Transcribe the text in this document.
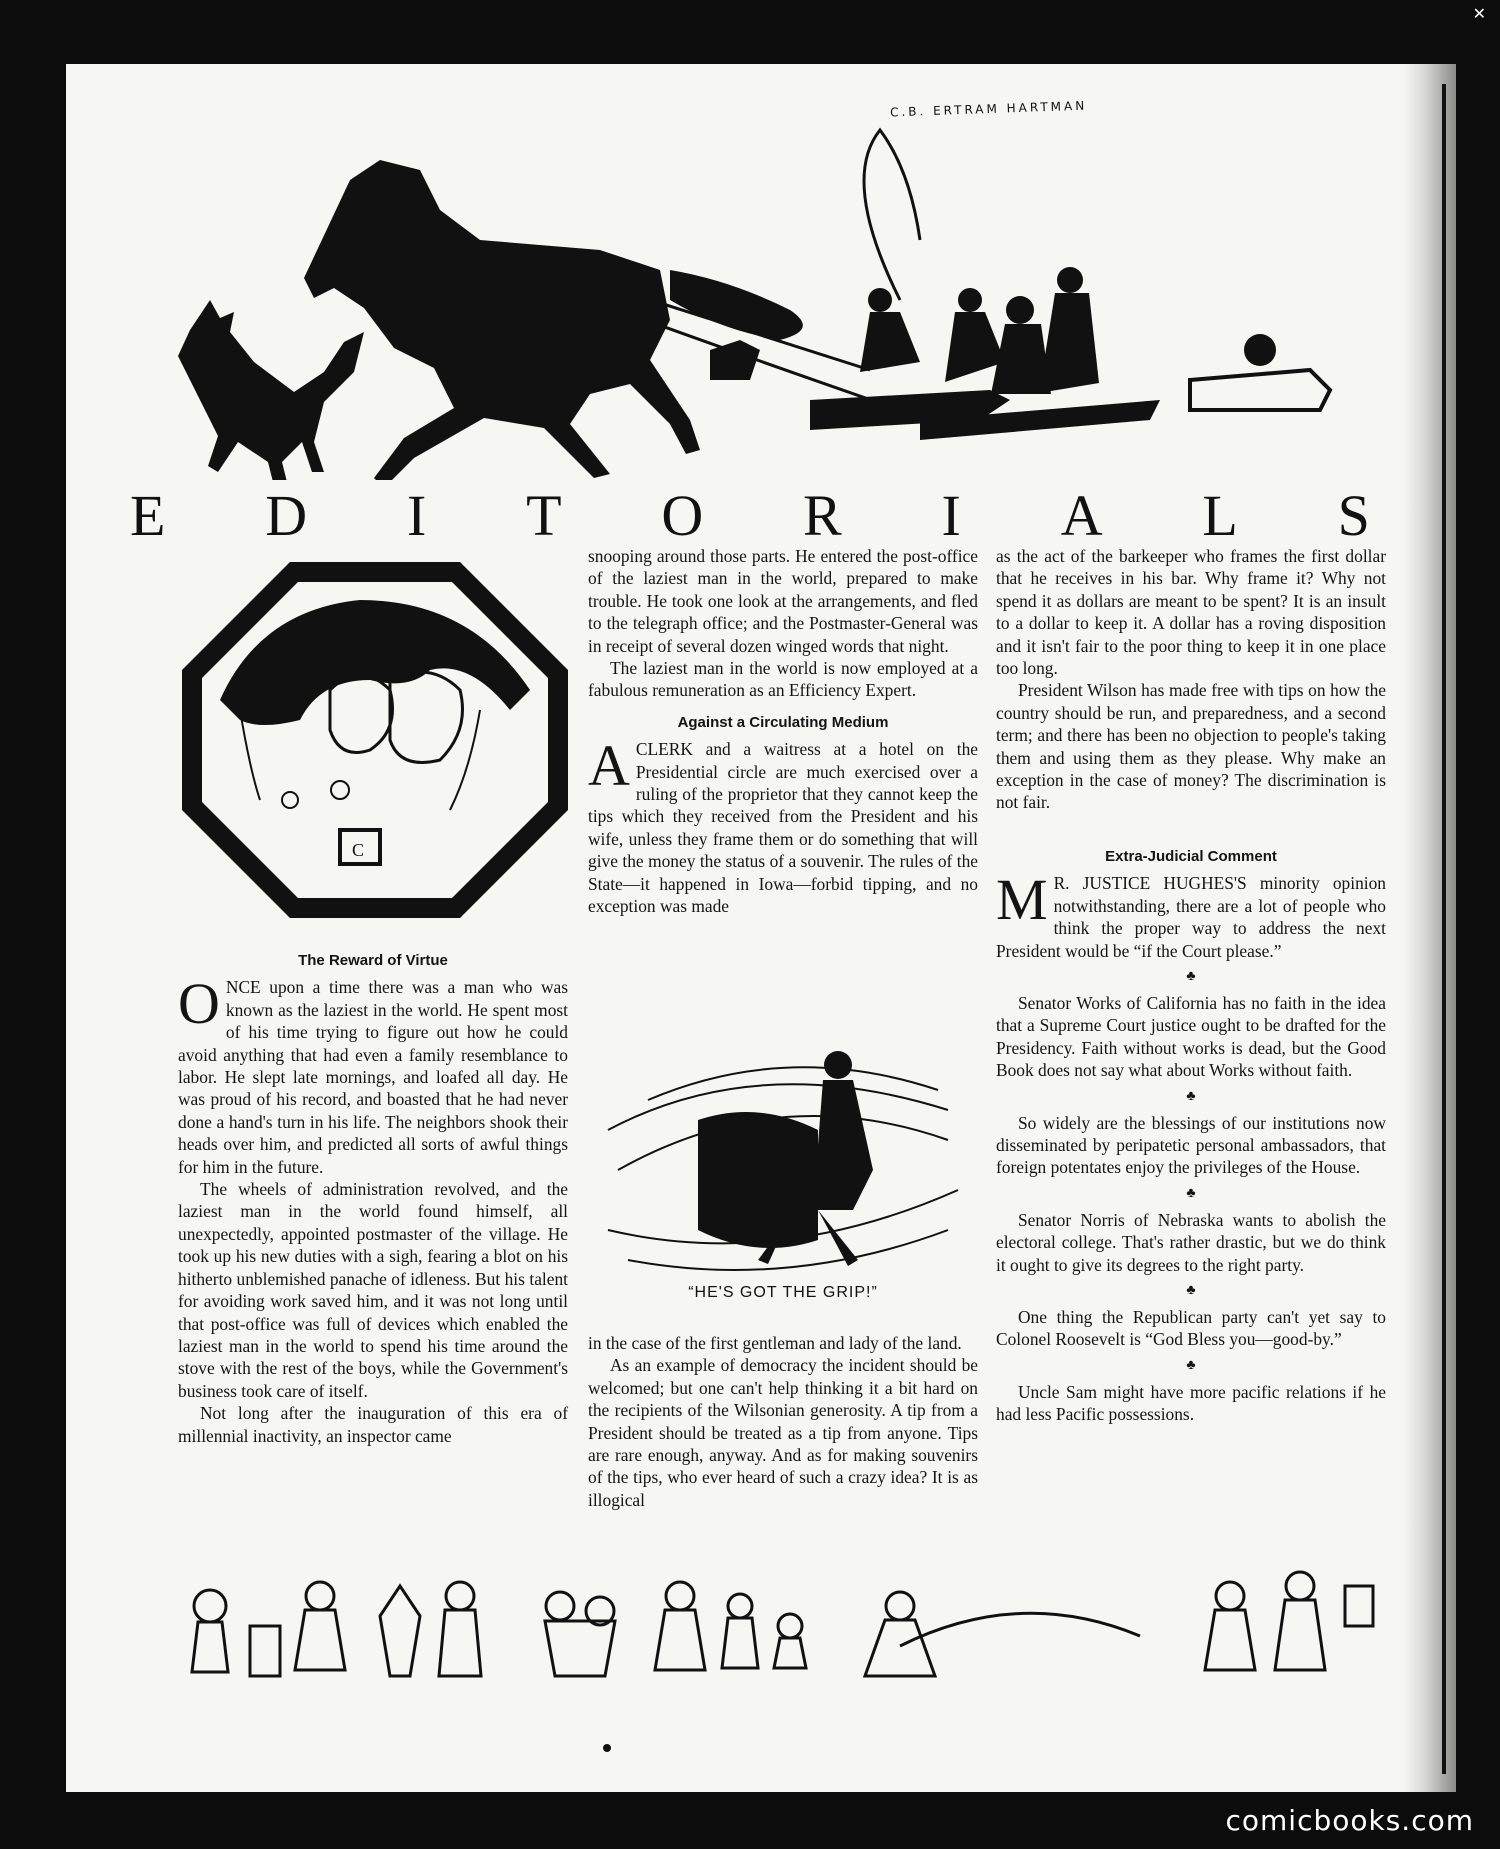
✕
C.B. ERTRAM HARTMAN
E D I T O R I A L S
C
The Reward of Virtue

ONCE upon a time there was a man who was known as the laziest in the world. He spent most of his time trying to figure out how he could avoid anything that had even a family resemblance to labor. He slept late mornings, and loafed all day. He was proud of his record, and boasted that he had never done a hand's turn in his life. The neighbors shook their heads over him, and predicted all sorts of awful things for him in the future.

The wheels of administration revolved, and the laziest man in the world found himself, all unexpectedly, appointed postmaster of the village. He took up his new duties with a sigh, fearing a blot on his hitherto unblemished panache of idleness. But his talent for avoiding work saved him, and it was not long until that post-office was full of devices which enabled the laziest man in the world to spend his time around the stove with the rest of the boys, while the Government's business took care of itself.

Not long after the inauguration of this era of millennial inactivity, an inspector came

snooping around those parts. He entered the post-office of the laziest man in the world, prepared to make trouble. He took one look at the arrangements, and fled to the telegraph office; and the Postmaster-General was in receipt of several dozen winged words that night.

The laziest man in the world is now employed at a fabulous remuneration as an Efficiency Expert.

Against a Circulating Medium

ACLERK and a waitress at a hotel on the Presidential circle are much exercised over a ruling of the proprietor that they cannot keep the tips which they received from the President and his wife, unless they frame them or do something that will give the money the status of a souvenir. The rules of the State—it happened in Iowa—forbid tipping, and no exception was made

“HE'S GOT THE GRIP!”

in the case of the first gentleman and lady of the land.

As an example of democracy the incident should be welcomed; but one can't help thinking it a bit hard on the recipients of the Wilsonian generosity. A tip from a President should be treated as a tip from anyone. Tips are rare enough, anyway. And as for making souvenirs of the tips, who ever heard of such a crazy idea? It is as illogical

as the act of the barkeeper who frames the first dollar that he receives in his bar. Why frame it? Why not spend it as dollars are meant to be spent? It is an insult to a dollar to keep it. A dollar has a roving disposition and it isn't fair to the poor thing to keep it in one place too long.

President Wilson has made free with tips on how the country should be run, and preparedness, and a second term; and there has been no objection to people's taking them and using them as they please. Why make an exception in the case of money? The discrimination is not fair.

Extra-Judicial Comment

M R. JUSTICE HUGHES'S minority opinion notwithstanding, there are a lot of people who think the proper way to address the next President would be “if the Court please.”

♣

Senator Works of California has no faith in the idea that a Supreme Court justice ought to be drafted for the Presidency. Faith without works is dead, but the Good Book does not say what about Works without faith.

♣

So widely are the blessings of our institutions now disseminated by peripatetic personal ambassadors, that foreign potentates enjoy the privileges of the House.

♣

Senator Norris of Nebraska wants to abolish the electoral college. That's rather drastic, but we do think it ought to give its degrees to the right party.

♣

One thing the Republican party can't yet say to Colonel Roosevelt is “God Bless you—good-by.”

♣

Uncle Sam might have more pacific relations if he had less Pacific possessions.

comicbooks.com
